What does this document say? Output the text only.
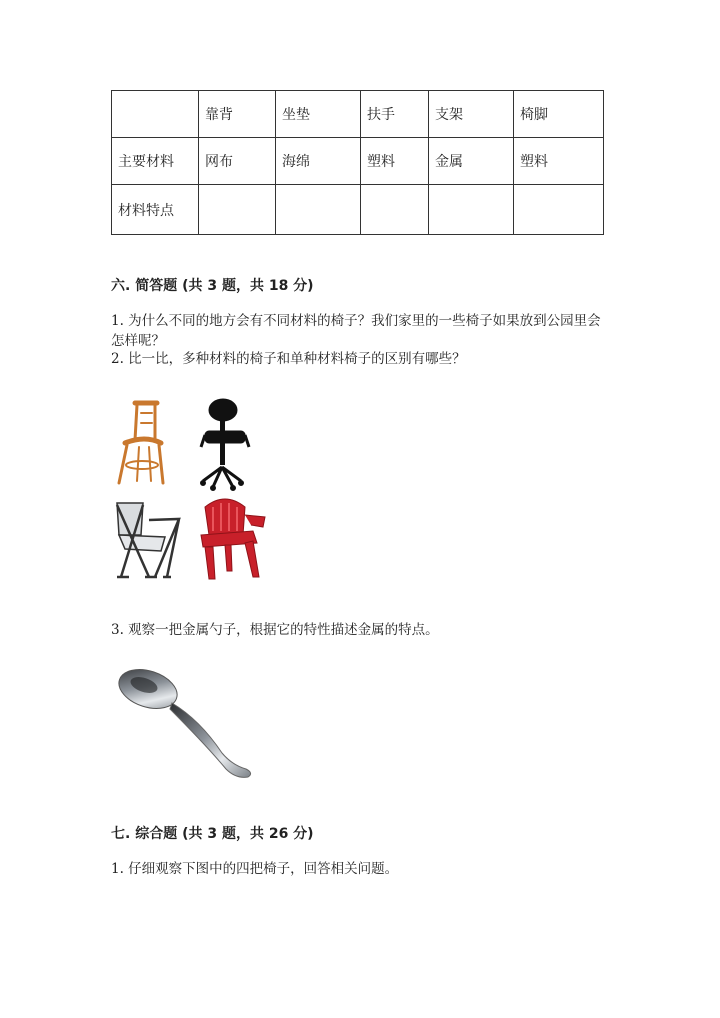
	靠背	坐垫	扶手	支架	椅脚
主要材料	网布	海绵	塑料	金属	塑料
材料特点					
六. 简答题 (共 3 题，共 18 分)
1. 为什么不同的地方会有不同材料的椅子？我们家里的一些椅子如果放到公园里会怎样呢？
2. 比一比，多种材料的椅子和单种材料椅子的区别有哪些？
3. 观察一把金属勺子，根据它的特性描述金属的特点。
七. 综合题 (共 3 题，共 26 分)
1. 仔细观察下图中的四把椅子，回答相关问题。
